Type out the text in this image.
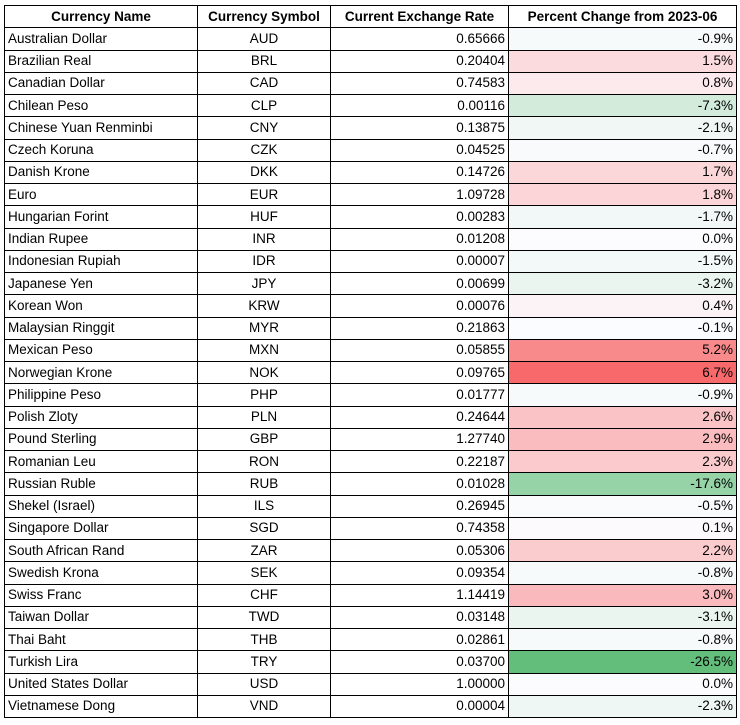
Currency Name	Currency Symbol	Current Exchange Rate	Percent Change from 2023-06
Australian Dollar	AUD	0.65666	-0.9%
Brazilian Real	BRL	0.20404	1.5%
Canadian Dollar	CAD	0.74583	0.8%
Chilean Peso	CLP	0.00116	-7.3%
Chinese Yuan Renminbi	CNY	0.13875	-2.1%
Czech Koruna	CZK	0.04525	-0.7%
Danish Krone	DKK	0.14726	1.7%
Euro	EUR	1.09728	1.8%
Hungarian Forint	HUF	0.00283	-1.7%
Indian Rupee	INR	0.01208	0.0%
Indonesian Rupiah	IDR	0.00007	-1.5%
Japanese Yen	JPY	0.00699	-3.2%
Korean Won	KRW	0.00076	0.4%
Malaysian Ringgit	MYR	0.21863	-0.1%
Mexican Peso	MXN	0.05855	5.2%
Norwegian Krone	NOK	0.09765	6.7%
Philippine Peso	PHP	0.01777	-0.9%
Polish Zloty	PLN	0.24644	2.6%
Pound Sterling	GBP	1.27740	2.9%
Romanian Leu	RON	0.22187	2.3%
Russian Ruble	RUB	0.01028	-17.6%
Shekel (Israel)	ILS	0.26945	-0.5%
Singapore Dollar	SGD	0.74358	0.1%
South African Rand	ZAR	0.05306	2.2%
Swedish Krona	SEK	0.09354	-0.8%
Swiss Franc	CHF	1.14419	3.0%
Taiwan Dollar	TWD	0.03148	-3.1%
Thai Baht	THB	0.02861	-0.8%
Turkish Lira	TRY	0.03700	-26.5%
United States Dollar	USD	1.00000	0.0%
Vietnamese Dong	VND	0.00004	-2.3%
